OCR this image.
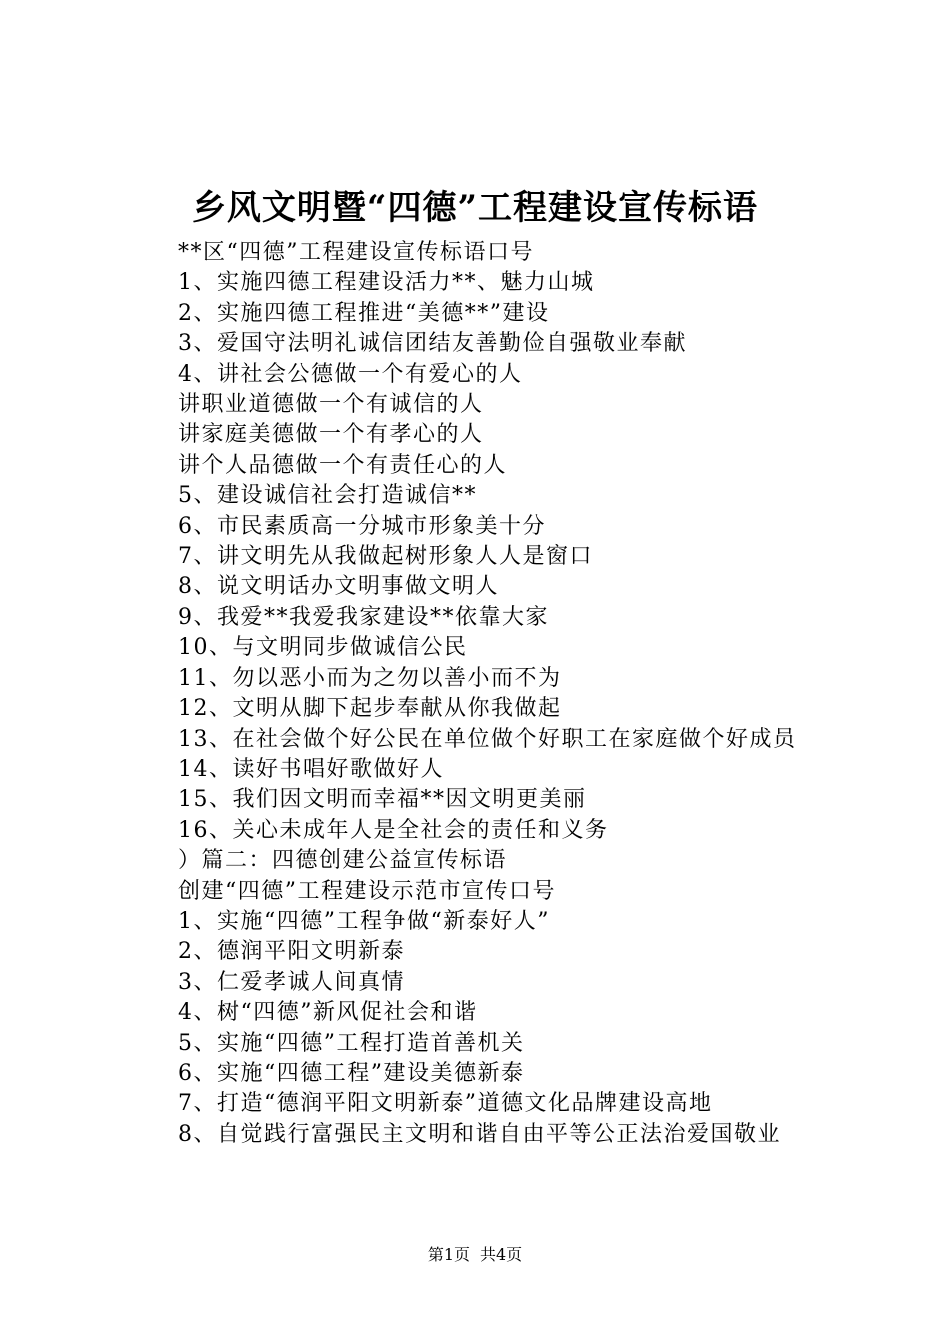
乡风文明暨“四德”工程建设宣传标语
**区“四德”工程建设宣传标语口号
1、实施四德工程建设活力**、魅力山城
2、实施四德工程推进“美德**”建设
3、爱国守法明礼诚信团结友善勤俭自强敬业奉献
4、讲社会公德做一个有爱心的人
讲职业道德做一个有诚信的人
讲家庭美德做一个有孝心的人
讲个人品德做一个有责任心的人
5、建设诚信社会打造诚信**
6、市民素质高一分城市形象美十分
7、讲文明先从我做起树形象人人是窗口
8、说文明话办文明事做文明人
9、我爱**我爱我家建设**依靠大家
10、与文明同步做诚信公民
11、勿以恶小而为之勿以善小而不为
12、文明从脚下起步奉献从你我做起
13、在社会做个好公民在单位做个好职工在家庭做个好成员
14、读好书唱好歌做好人
15、我们因文明而幸福**因文明更美丽
16、关心未成年人是全社会的责任和义务
）篇二：四德创建公益宣传标语
创建“四德”工程建设示范市宣传口号
1、实施“四德”工程争做“新泰好人”
2、德润平阳文明新泰
3、仁爱孝诚人间真情
4、树“四德”新风促社会和谐
5、实施“四德”工程打造首善机关
6、实施“四德工程”建设美德新泰
7、打造“德润平阳文明新泰”道德文化品牌建设高地
8、自觉践行富强民主文明和谐自由平等公正法治爱国敬业
第1页 共4页
